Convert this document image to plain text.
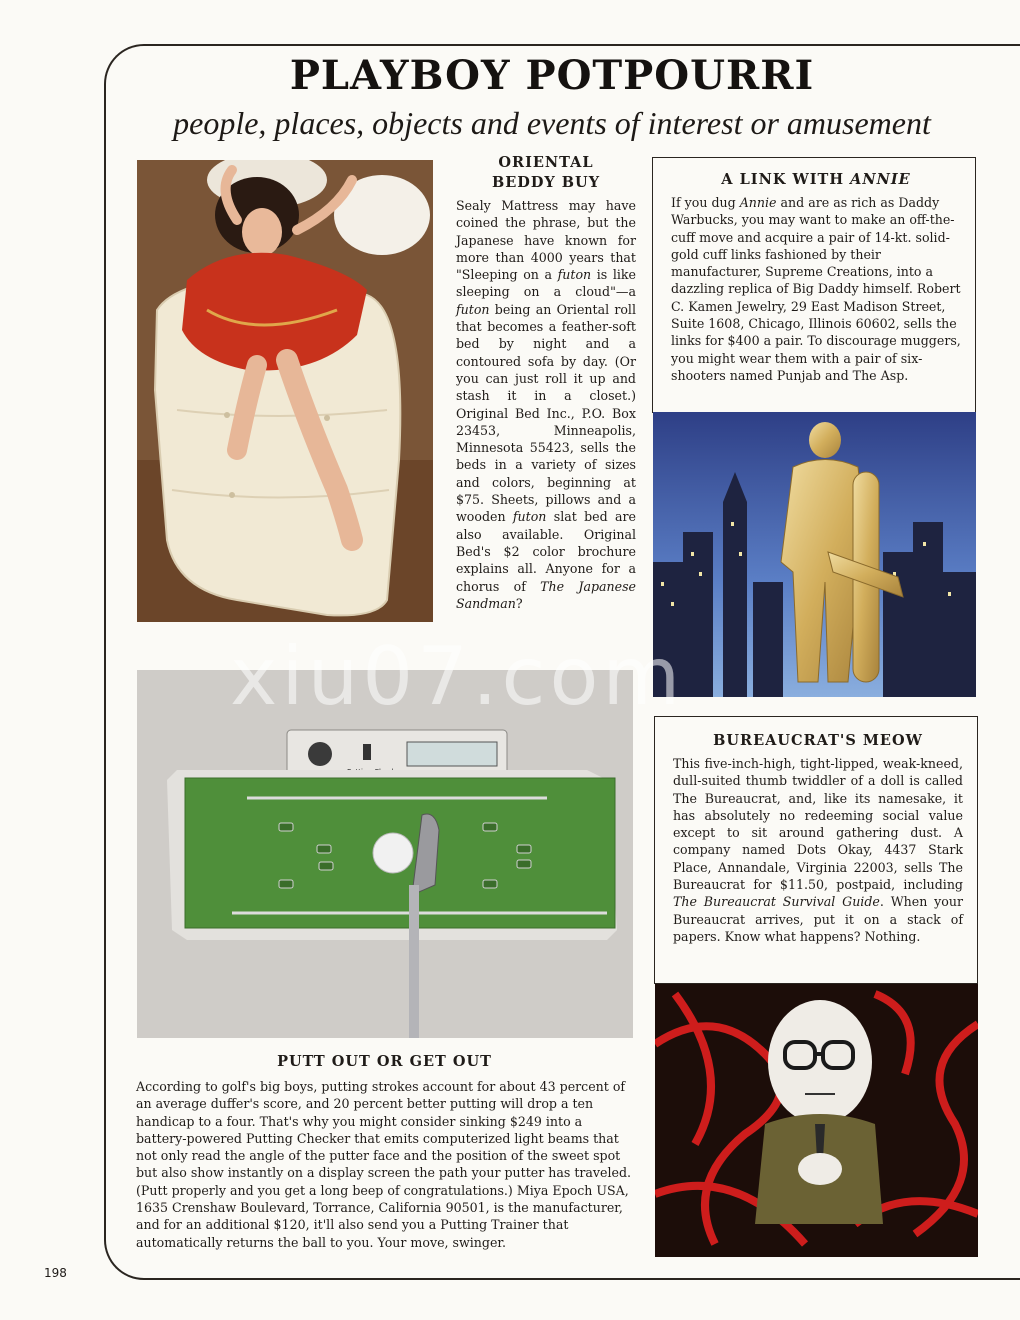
PLAYBOY POTPOURRI
people, places, objects and events of interest or amusement
ORIENTAL
BEDDY BUY

Sealy Mattress may have coined the phrase, but the Japanese have known for more than 4000 years that "Sleeping on a futon is like sleeping on a cloud"—a futon being an Oriental roll that becomes a feather-soft bed by night and a contoured sofa by day. (Or you can just roll it up and stash it in a closet.) Original Bed Inc., P.O. Box 23453, Minneapolis, Minnesota 55423, sells the beds in a variety of sizes and colors, beginning at $75. Sheets, pillows and a wooden futon slat bed are also available. Original Bed's $2 color brochure explains all. Anyone for a chorus of The Japanese Sandman?

A LINK WITH ANNIE

If you dug Annie and are as rich as Daddy Warbucks, you may want to make an off-the-cuff move and acquire a pair of 14-kt. solid-gold cuff links fashioned by their manufacturer, Supreme Creations, into a dazzling replica of Big Daddy himself. Robert C. Kamen Jewelry, 29 East Madison Street, Suite 1608, Chicago, Illinois 60602, sells the links for $400 a pair. To discourage muggers, you might wear them with a pair of six-shooters named Punjab and The Asp.

BUREAUCRAT'S MEOW

This five-inch-high, tight-lipped, weak-kneed, dull-suited thumb twiddler of a doll is called The Bureaucrat, and, like its namesake, it has absolutely no redeeming social value except to sit around gathering dust. A company named Dots Okay, 4437 Stark Place, Annandale, Virginia 22003, sells The Bureaucrat for $11.50, postpaid, including The Bureaucrat Survival Guide. When your Bureaucrat arrives, put it on a stack of papers. Know what happens? Nothing.

PUTT OUT OR GET OUT

According to golf's big boys, putting strokes account for about 43 percent of an average duffer's score, and 20 percent better putting will drop a ten handicap to a four. That's why you might consider sinking $249 into a battery-powered Putting Checker that emits computerized light beams that not only read the angle of the putter face and the position of the sweet spot but also show instantly on a display screen the path your putter has traveled. (Putt properly and you get a long beep of congratulations.) Miya Epoch USA, 1635 Crenshaw Boulevard, Torrance, California 90501, is the manufacturer, and for an additional $120, it'll also send you a Putting Trainer that automatically returns the ball to you. Your move, swinger.

xiu07.com
198
